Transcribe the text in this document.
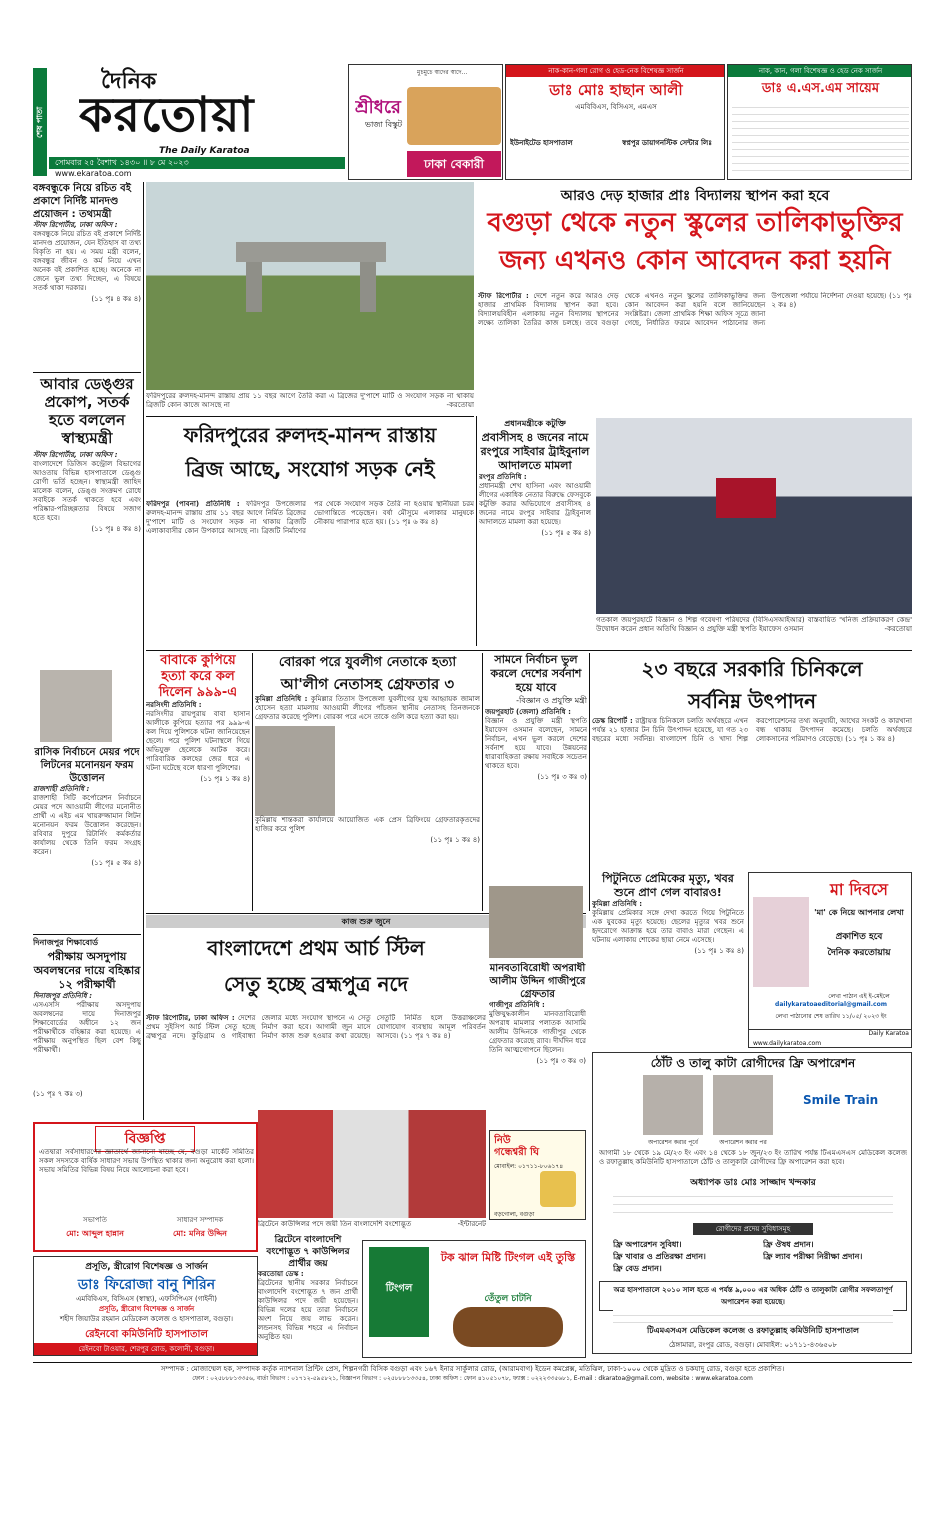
শেষ পাতা
দৈনিক
করতোয়া
The Daily Karatoa
সোমবার ২৫ বৈশাখ ১৪৩০ ॥ ৮ মে ২০২৩
www.ekaratoa.com
মুচমুচে স্বাদের স্বাদে...
শ্রীধরে
ভাজা বিস্কুট
ঢাকা বেকারী
নাক-কান-গলা রোগ ও হেড-নেক বিশেষজ্ঞ সার্জন
ডাঃ মোঃ হাছান আলী
এমবিবিএস, বিসিএস, এমএস
ইউনাইটেড হাসপাতাল	স্বপ্নপুর ডায়াগনস্টিক সেন্টার লিঃ
নাক, কান, গলা বিশেষজ্ঞ ও হেড নেক সার্জন
ডাঃ এ.এস.এম সায়েম
বঙ্গবন্ধুকে নিয়ে রচিত বই প্রকাশে নির্দিষ্ট মানদণ্ড প্রয়োজন : তথ্যমন্ত্রী
স্টাফ রিপোর্টার, ঢাকা অফিস :
বঙ্গবন্ধুকে নিয়ে রচিত বই প্রকাশে নির্দিষ্ট মানদণ্ড প্রয়োজন, যেন ইতিহাস বা তথ্য বিকৃতি না হয়। এ সময় মন্ত্রী বলেন, বঙ্গবন্ধুর জীবন ও কর্ম নিয়ে এখন অনেক বই প্রকাশিত হচ্ছে। অনেকে না জেনে ভুল তথ্য দিচ্ছেন, এ বিষয়ে সতর্ক থাকা দরকার।
(১১ পৃঃ ৪ কঃ ৪)
আবার ডেঙ্গুর প্রকোপ, সতর্ক হতে বললেন স্বাস্থ্যমন্ত্রী
স্টাফ রিপোর্টার, ঢাকা অফিস :
বাংলাদেশে ডিজিস কন্ট্রোল বিভাগের আওতায় বিভিন্ন হাসপাতালে ডেঙ্গু রোগী ভর্তি হচ্ছেন। স্বাস্থ্যমন্ত্রী জাহিদ মালেক বলেন, ডেঙ্গু সংক্রমণ রোধে সবাইকে সতর্ক থাকতে হবে এবং পরিষ্কার-পরিচ্ছন্নতার বিষয়ে সজাগ হতে হবে।
(১১ পৃঃ ৪ কঃ ৪)
রাসিক নির্বাচনে মেয়র পদে লিটনের মনোনয়ন ফরম উত্তোলন
রাজশাহী প্রতিনিধি :
রাজশাহী সিটি কর্পোরেশন নির্বাচনে মেয়র পদে আওয়ামী লীগের মনোনীত প্রার্থী এ এইচ এম খায়রুজ্জামান লিটন মনোনয়ন ফরম উত্তোলন করেছেন। রবিবার দুপুরে রিটার্নিং কর্মকর্তার কার্যালয় থেকে তিনি ফরম সংগ্রহ করেন।
(১১ পৃঃ ৫ কঃ ৪)
দিনাজপুর শিক্ষাবোর্ড
পরীক্ষায় অসদুপায় অবলম্বনের দায়ে বহিষ্কার ১২ পরীক্ষার্থী
দিনাজপুর প্রতিনিধি :
এসএসসি পরীক্ষায় অসদুপায় অবলম্বনের দায়ে দিনাজপুর শিক্ষাবোর্ডের অধীনে ১২ জন পরীক্ষার্থীকে বহিষ্কার করা হয়েছে। এ পরীক্ষায় অনুপস্থিত ছিল বেশ কিছু পরীক্ষার্থী।
(১১ পৃঃ ৭ কঃ ৩)
বিজ্ঞপ্তি
এতদ্বারা সর্বসাধারণের জ্ঞাতার্থে জানানো যাচ্ছে যে, বগুড়া মার্কেট সমিতির সকল সদস্যকে বার্ষিক সাধারণ সভায় উপস্থিত থাকার জন্য অনুরোধ করা হলো। সভায় সমিতির বিভিন্ন বিষয় নিয়ে আলোচনা করা হবে।
সভাপতি
মো: আব্দুল হান্নান
সাধারণ সম্পাদক
মো: মনির উদ্দিন
প্রসূতি, স্ত্রীরোগ বিশেষজ্ঞ ও সার্জন
ডাঃ ফিরোজা বানু শিরিন
এমবিবিএস, বিসিএস (স্বাস্থ্য), এফসিপিএস (গাইনী)
প্রসূতি, স্ত্রীরোগ বিশেষজ্ঞ ও সার্জন
শহীদ জিয়াউর রহমান মেডিকেল কলেজ ও হাসপাতাল, বগুড়া।
রেইনবো কমিউনিটি হাসপাতাল
রেইনবো টাওয়ার, শেরপুর রোড, কলোনী, বগুড়া।
ফরিদপুরের রুলদহ-মানন্দ রাস্তায় প্রায় ১১ বছর আগে তৈরি করা এ ব্রিজের দু'পাশে মাটি ও সংযোগ সড়ক না থাকায় ব্রিজটি কোন কাজে আসছে না	-করতোয়া
আরও দেড় হাজার প্রাঃ বিদ্যালয় স্থাপন করা হবে
বগুড়া থেকে নতুন স্কুলের তালিকাভুক্তির
জন্য এখনও কোন আবেদন করা হয়নি
স্টাফ রিপোর্টার : দেশে নতুন করে আরও দেড় হাজার প্রাথমিক বিদ্যালয় স্থাপন করা হবে। বিদ্যালয়বিহীন এলাকায় নতুন বিদ্যালয় স্থাপনের লক্ষ্যে তালিকা তৈরির কাজ চলছে। তবে বগুড়া থেকে এখনও নতুন স্কুলের তালিকাভুক্তির জন্য কোন আবেদন করা হয়নি বলে জানিয়েছেন সংশ্লিষ্টরা। জেলা প্রাথমিক শিক্ষা অফিস সূত্রে জানা গেছে, নির্ধারিত ফরমে আবেদন পাঠানোর জন্য উপজেলা পর্যায়ে নির্দেশনা দেওয়া হয়েছে। (১১ পৃঃ ২ কঃ ৪)
ফরিদপুরের রুলদহ-মানন্দ রাস্তায়
ব্রিজ আছে, সংযোগ সড়ক নেই
ফরিদপুর (পাবনা) প্রতিনিধি : ফরিদপুর উপজেলার রুলদহ-মানন্দ রাস্তায় প্রায় ১১ বছর আগে নির্মিত ব্রিজের দু'পাশে মাটি ও সংযোগ সড়ক না থাকায় ব্রিজটি এলাকাবাসীর কোন উপকারে আসছে না। ব্রিজটি নির্মাণের পর থেকে সংযোগ সড়ক তৈরি না হওয়ায় স্থানীয়রা চরম ভোগান্তিতে পড়েছেন। বর্ষা মৌসুমে এলাকার মানুষকে নৌকায় পারাপার হতে হয়। (১১ পৃঃ ৬ কঃ ৪)
প্রধানমন্ত্রীকে কটুক্তি
প্রবাসীসহ ৪ জনের নামে রংপুরে সাইবার ট্রাইবুনাল আদালতে মামলা
রংপুর প্রতিনিধি :
প্রধানমন্ত্রী শেখ হাসিনা এবং আওয়ামী লীগের একাধিক নেতার বিরুদ্ধে ফেসবুকে কটুক্তি করার অভিযোগে প্রবাসীসহ ৪ জনের নামে রংপুর সাইবার ট্রাইবুনাল আদালতে মামলা করা হয়েছে।
(১১ পৃঃ ৫ কঃ ৪)
গতকাল জয়পুরহাটে বিজ্ঞান ও শিল্প গবেষণা পরিষদের (বিসিএসআইআর) বাস্তবায়িত 'খনিজ প্রক্রিয়াকরণ কেন্দ্র' উদ্বোধন করেন প্রধান অতিথি বিজ্ঞান ও প্রযুক্তি মন্ত্রী স্থপতি ইয়াফেস ওসমান	-করতোয়া
বাবাকে কুপিয়ে হত্যা করে কল দিলেন ৯৯৯-এ
নরসিংদী প্রতিনিধি :
নরসিংদীর রায়পুরায় বাবা হাসান আলীকে কুপিয়ে হত্যার পর ৯৯৯-এ কল দিয়ে পুলিশকে ঘটনা জানিয়েছেন ছেলে। পরে পুলিশ ঘটনাস্থলে গিয়ে অভিযুক্ত ছেলেকে আটক করে। পারিবারিক কলহের জের ধরে এ ঘটনা ঘটেছে বলে ধারণা পুলিশের।
(১১ পৃঃ ১ কঃ ৪)
বোরকা পরে যুবলীগ নেতাকে হত্যা
আ'লীগ নেতাসহ গ্রেফতার ৩
কুমিল্লা প্রতিনিধি : কুমিল্লার তিতাস উপজেলা যুবলীগের যুগ্ম আহ্বায়ক জামাল হোসেন হত্যা মামলায় আওয়ামী লীগের পাঁচজন স্থানীয় নেতাসহ তিনজনকে গ্রেফতার করেছে পুলিশ। বোরকা পরে এসে তাকে গুলি করে হত্যা করা হয়।
কুমিল্লায় শান্তকরা কার্যালয়ে আয়োজিত এক প্রেস ব্রিফিংয়ে গ্রেফতারকৃতদের হাজির করে পুলিশ
(১১ পৃঃ ১ কঃ ৪)
সামনে নির্বাচন ভুল করলে দেশের সর্বনাশ হয়ে যাবে
-বিজ্ঞান ও প্রযুক্তি মন্ত্রী
জয়পুরহাট (জেলা) প্রতিনিধি :
বিজ্ঞান ও প্রযুক্তি মন্ত্রী স্থপতি ইয়াফেস ওসমান বলেছেন, সামনে নির্বাচন, এখন ভুল করলে দেশের সর্বনাশ হয়ে যাবে। উন্নয়নের ধারাবাহিকতা রক্ষায় সবাইকে সচেতন থাকতে হবে।
(১১ পৃঃ ৩ কঃ ৩)
২৩ বছরে সরকারি চিনিকলে
সর্বনিম্ন উৎপাদন
ডেস্ক রিপোর্ট : রাষ্ট্রায়ত্ত চিনিকলে চলতি অর্থবছরে এখন পর্যন্ত ২১ হাজার টন চিনি উৎপাদন হয়েছে, যা গত ২৩ বছরের মধ্যে সর্বনিম্ন। বাংলাদেশ চিনি ও খাদ্য শিল্প করপোরেশনের তথ্য অনুযায়ী, আখের সংকট ও কারখানা বন্ধ থাকায় উৎপাদন কমেছে। চলতি অর্থবছরে লোকসানের পরিমাণও বেড়েছে। (১১ পৃঃ ১ কঃ ৪)
কাজ শুরু জুনে
বাংলাদেশে প্রথম আর্চ স্টিল
সেতু হচ্ছে ব্রহ্মপুত্র নদে
স্টাফ রিপোর্টার, ঢাকা অফিস : দেশের প্রথম সুইসিপ আর্চ স্টিল সেতু হচ্ছে ব্রহ্মপুত্র নদে। কুড়িগ্রাম ও গাইবান্ধা জেলার মধ্যে সংযোগ স্থাপনে এ সেতু নির্মাণ করা হবে। আগামী জুন মাসে নির্মাণ কাজ শুরু হওয়ার কথা রয়েছে। সেতুটি নির্মিত হলে উত্তরাঞ্চলের যোগাযোগ ব্যবস্থায় আমূল পরিবর্তন আসবে। (১১ পৃঃ ৭ কঃ ৪)
মানবতাবিরোধী অপরাধী আলীম উদ্দিন গাজীপুরে গ্রেফতার
গাজীপুর প্রতিনিধি :
মুক্তিযুদ্ধকালীন মানবতাবিরোধী অপরাধ মামলার পলাতক আসামি আলীম উদ্দিনকে গাজীপুর থেকে গ্রেফতার করেছে র‍্যাব। দীর্ঘদিন ধরে তিনি আত্মগোপনে ছিলেন।
(১১ পৃঃ ৩ কঃ ৩)
পিটুনিতে প্রেমিকের মৃত্যু, খবর শুনে প্রাণ গেল বাবারও!
কুমিল্লা প্রতিনিধি :
কুমিল্লায় প্রেমিকার সঙ্গে দেখা করতে গিয়ে পিটুনিতে এক যুবকের মৃত্যু হয়েছে। ছেলের মৃত্যুর খবর শুনে হৃদরোগে আক্রান্ত হয়ে তার বাবাও মারা গেছেন। এ ঘটনায় এলাকায় শোকের ছায়া নেমে এসেছে।
(১১ পৃঃ ১ কঃ ৪)
মা দিবসে
'মা' কে নিয়ে আপনার লেখা
প্রকাশিত হবে
দৈনিক করতোয়ায়
লেখা পাঠান এই ই-মেইলে
dailykaratoaeditorial@gmail.com
লেখা পাঠানোর শেষ তারিখ ১১/০৫/ ২০২৩ ইং
www.dailykaratoa.com
Daily Karatoa
ব্রিটেনে কাউন্সিলর পদে জয়ী তিন বাংলাদেশি বংশোদ্ভূত	-ইন্টারনেট
ব্রিটেনে বাংলাদেশি বংশোদ্ভূত ৭ কাউন্সিলর প্রার্থীর জয়
করতোয়া ডেস্ক :
ব্রিটেনের স্থানীয় সরকার নির্বাচনে বাংলাদেশি বংশোদ্ভূত ৭ জন প্রার্থী কাউন্সিলর পদে জয়ী হয়েছেন। বিভিন্ন দলের হয়ে তারা নির্বাচনে অংশ নিয়ে জয় লাভ করেন। লন্ডনসহ বিভিন্ন শহরে এ নির্বাচন অনুষ্ঠিত হয়।
নিউ
গন্ধেশ্বরী ঘি
মোবাইল: ০১৭১১-৮০৬১৭৪
বড়গোলা, বগুড়া
টিংগল
টক ঝাল মিষ্টি টিংগল এই তুস্তি
তেঁতুল চাটনি
ঠোঁট ও তালু কাটা রোগীদের ফ্রি অপারেশন
অপারেশন করার পূর্বে	অপারেশন করার পর
Smile Train
আগামী ১৮ থেকে ১৯ মে/২৩ ইং এবং ১৪ থেকে ১৮ জুন/২৩ ইং তারিখ পর্যন্ত টিএমএসএস মেডিকেল কলেজ ও রফাতুল্লাহ কমিউনিটি হাসপাতালে ঠোঁট ও তালুকাটা রোগীদের ফ্রি অপারেশন করা হবে।
অধ্যাপক ডাঃ মোঃ সাজ্জাদ খন্দকার
রোগীদের প্রদেয় সুবিধাসমূহ
ফ্রি অপারেশন সুবিধা।
ফ্রি খাবার ও প্রতিরক্ষা প্রদান।
ফ্রি বেড প্রদান।
ফ্রি ঔষধ প্রদান।
ফ্রি ল্যাব পরীক্ষা নিরীক্ষা প্রদান।
অত্র হাসপাতালে ২০১০ সাল হতে এ পর্যন্ত ৯,০০০ এর অধিক ঠোঁট ও তালুকাটা রোগীর সফলতাপূর্ণ অপারেশন করা হয়েছে।
টিএমএসএস মেডিকেল কলেজ ও রফাতুল্লাহ কমিউনিটি হাসপাতাল
ঠেঙ্গামারা, রংপুর রোড, বগুড়া। মোবাইল: ০১৭১১-৪৩৬৫০৮
সম্পাদক : মোজাম্মেল হক, সম্পাদক কর্তৃক ন্যাশনাল প্রিন্টিং প্রেস, শিল্পনগরী বিসিক বগুড়া এবং ১৬৭ ইনার সার্কুলার রোড, (আরামবাগ) ইডেন কমপ্লেক্স, মতিঝিল, ঢাকা-১০০০ থেকে মুদ্রিত ও চকযাদু রোড, বগুড়া হতে প্রকাশিত।
ফোন : ০২৫৮৮৮১৩৩৫৬, বার্তা বিভাগ : ০১৭১২-৫৯৫৮২১, বিজ্ঞাপন বিভাগ : ০২৫৮৮৮১৩৩৫৪, ঢাকা অফিস : ফোন ৪১০৫১০৭৮, ফ্যাক্স : ০২২২৩৩৫৬৮১, E-mail : dkaratoa@gmail.com, website : www.ekaratoa.com
